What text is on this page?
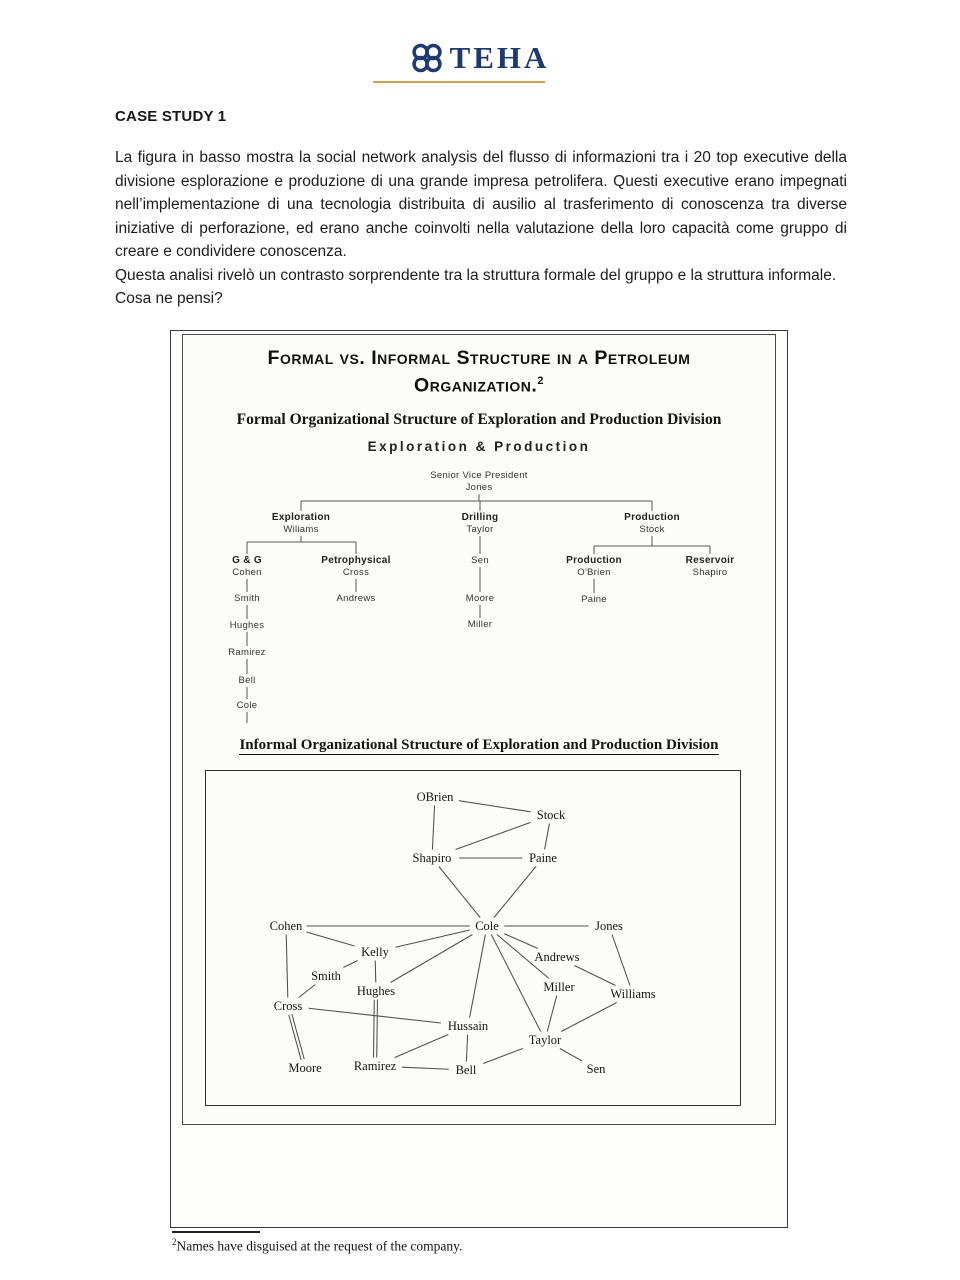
TEHA
CASE STUDY 1

La figura in basso mostra la social network analysis del flusso di informazioni tra i 20 top executive della divisione esplorazione e produzione di una grande impresa petrolifera. Questi executive erano impegnati nell’implementazione di una tecnologia distribuita di ausilio al trasferimento di conoscenza tra diverse iniziative di perforazione, ed erano anche coinvolti nella valutazione della loro capacità come gruppo di creare e condividere conoscenza.

Questa analisi rivelò un contrasto sorprendente tra la struttura formale del gruppo e la struttura informale.

Cosa ne pensi?

Formal vs. Informal Structure in a Petroleum
Organization.$^2$
Formal Organizational Structure of Exploration and Production Division
Exploration & Production
Senior Vice President
Jones
Exploration
Wiliams
Drilling
Taylor
Production
Stock
G & G
Cohen
Petrophysical
Cross
Sen	Production
O'Brien
Reservoir
Shapiro
Smith	Andrews	Moore	Paine
Hughes	Miller
Ramirez
Bell
Cole
Informal Organizational Structure of Exploration and Production Division
OBrien
Stock
Shapiro	Paine
Cohen	Cole	Jones
Kelly	Andrews
Smith
Miller
Hughes	Williams
Cross
Hussain
Taylor
Moore	Ramirez	Bell	Sen
$^2$Names have disguised at the request of the company.
